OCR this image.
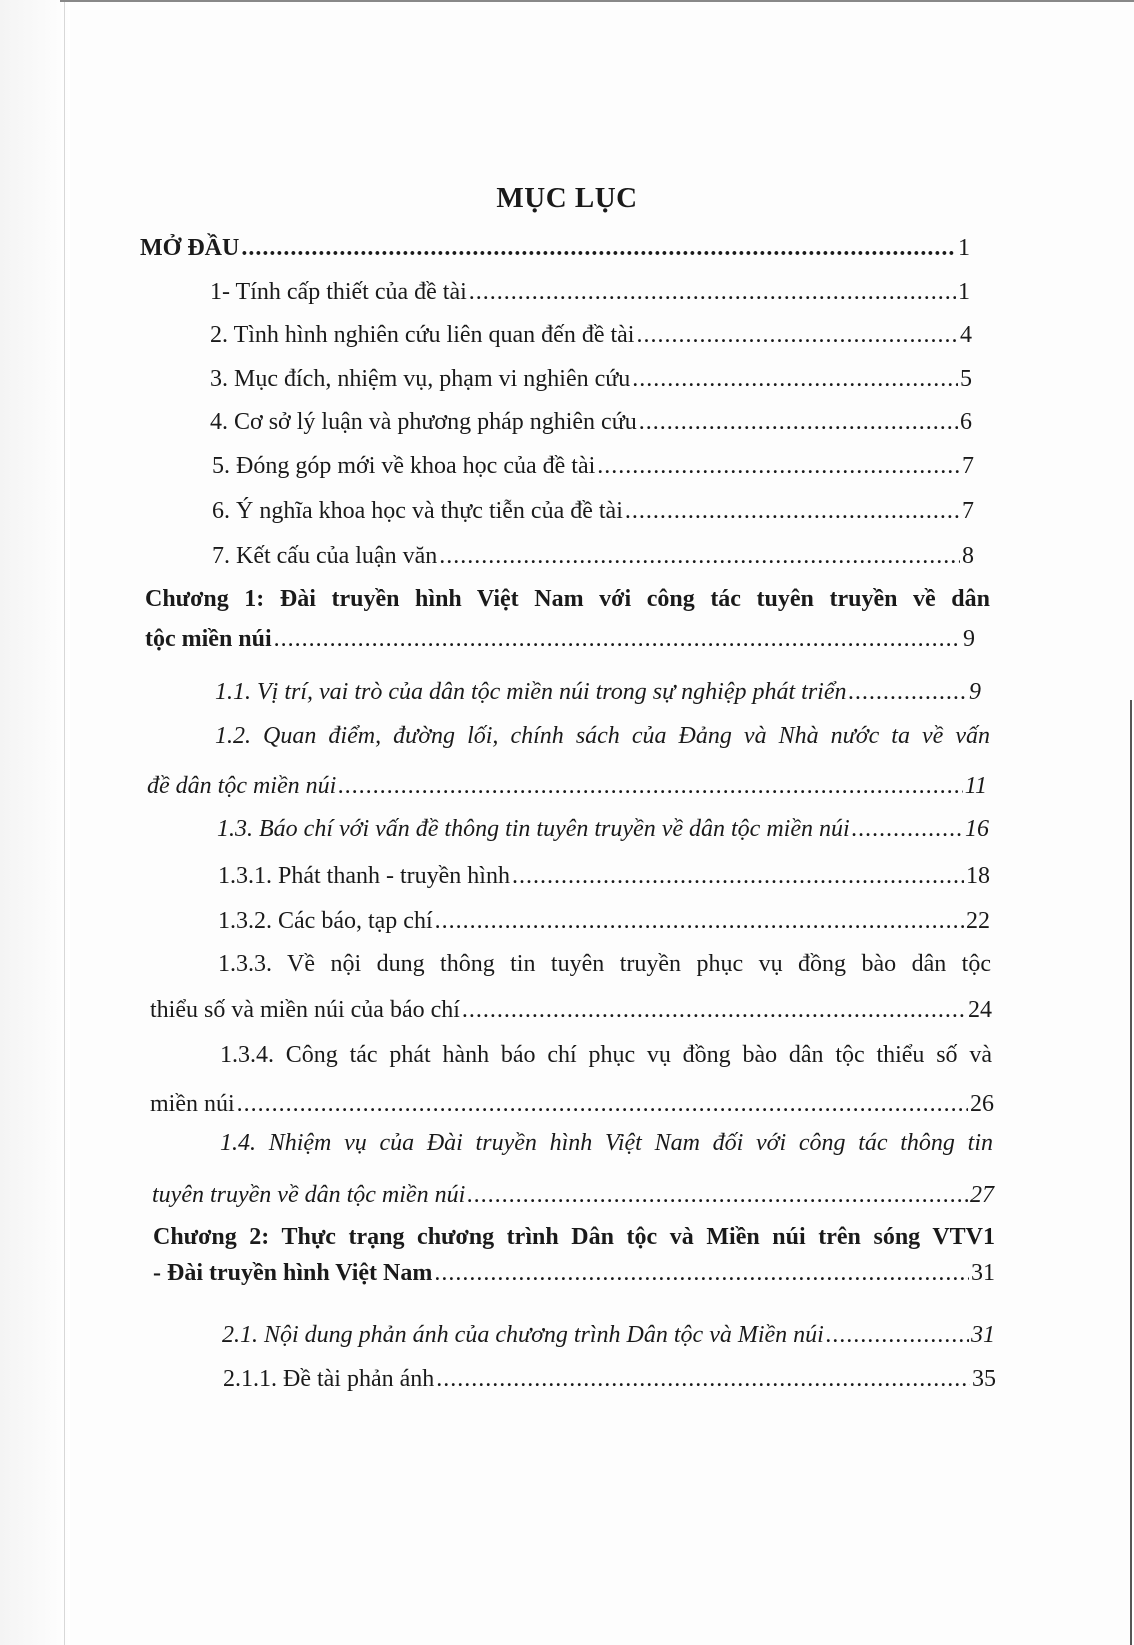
MỤC LỤC
MỞ ĐẦU .....	1
1- Tính cấp thiết của đề tài .....	1
2. Tình hình nghiên cứu liên quan đến đề tài .....	4
3. Mục đích, nhiệm vụ, phạm vi nghiên cứu .....	5
4. Cơ sở lý luận và phương pháp nghiên cứu .....	6
5. Đóng góp mới về khoa học của đề tài .....	7
6. Ý nghĩa khoa học và thực tiễn của đề tài .....	7
7. Kết cấu của luận văn .....	8
Chương 1: Đài truyền hình Việt Nam với công tác tuyên truyền về dân
tộc miền núi .....	9
1.1. Vị trí, vai trò của dân tộc miền núi trong sự nghiệp phát triển .....	9
1.2. Quan điểm, đường lối, chính sách của Đảng và Nhà nước ta về vấn
đề dân tộc miền núi .....	11
1.3. Báo chí với vấn đề thông tin tuyên truyền về dân tộc miền núi .....	16
1.3.1. Phát thanh - truyền hình .....	18
1.3.2. Các báo, tạp chí .....	22
1.3.3. Về nội dung thông tin tuyên truyền phục vụ đồng bào dân tộc
thiểu số và miền núi của báo chí .....	24
1.3.4. Công tác phát hành báo chí phục vụ đồng bào dân tộc thiểu số và
miền núi .....	26
1.4. Nhiệm vụ của Đài truyền hình Việt Nam đối với công tác thông tin
tuyên truyền về dân tộc miền núi .....	27
Chương 2: Thực trạng chương trình Dân tộc và Miền núi trên sóng VTV1
- Đài truyền hình Việt Nam .....	31
2.1. Nội dung phản ánh của chương trình Dân tộc và Miền núi .....	31
2.1.1. Đề tài phản ánh .....	35
